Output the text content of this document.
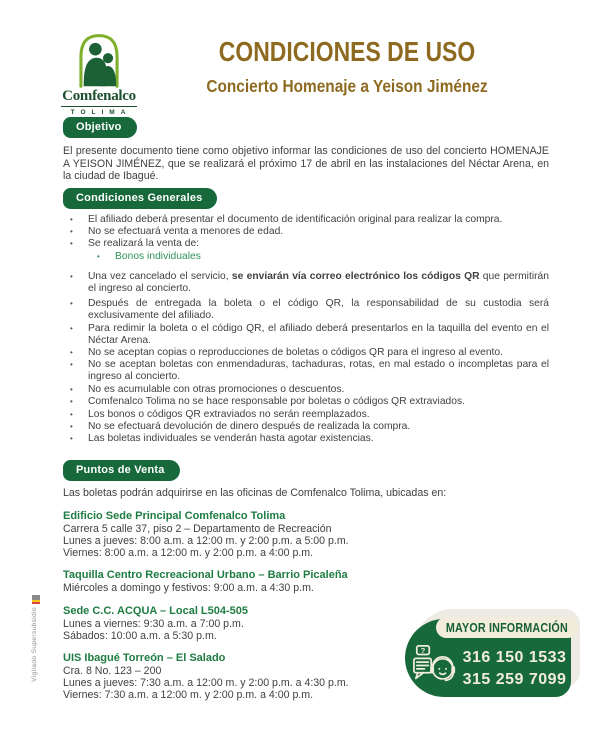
Comfenalco
TOLIMA
CONDICIONES DE USO
Concierto Homenaje a Yeison Jiménez
Objetivo
El presente documento tiene como objetivo informar las condiciones de uso del concierto HOMENAJE A YEISON JIMÉNEZ, que se realizará el próximo 17 de abril en las instalaciones del Néctar Arena, en la ciudad de Ibagué.
Condiciones Generales
•
El afiliado deberá presentar el documento de identificación original para realizar la compra.
•
No se efectuará venta a menores de edad.
•
Se realizará la venta de:
•
Bonos individuales
•
Una vez cancelado el servicio, se enviarán vía correo electrónico los códigos QR que permitirán el ingreso al concierto.
•
Después de entregada la boleta o el código QR, la responsabilidad de su custodia será exclusivamente del afiliado.
•
Para redimir la boleta o el código QR, el afiliado deberá presentarlos en la taquilla del evento en el Néctar Arena.
•
No se aceptan copias o reproducciones de boletas o códigos QR para el ingreso al evento.
•
No se aceptan boletas con enmendaduras, tachaduras, rotas, en mal estado o incompletas para el ingreso al concierto.
•
No es acumulable con otras promociones o descuentos.
•
Comfenalco Tolima no se hace responsable por boletas o códigos QR extraviados.
•
Los bonos o códigos QR extraviados no serán reemplazados.
•
No se efectuará devolución de dinero después de realizada la compra.
•
Las boletas individuales se venderán hasta agotar existencias.
Puntos de Venta
Las boletas podrán adquirirse en las oficinas de Comfenalco Tolima, ubicadas en:
Edificio Sede Principal Comfenalco Tolima
Carrera 5 calle 37, piso 2 – Departamento de Recreación
Lunes a jueves: 8:00 a.m. a 12:00 m. y 2:00 p.m. a 5:00 p.m.
Viernes: 8:00 a.m. a 12:00 m. y 2:00 p.m. a 4:00 p.m.
Taquilla Centro Recreacional Urbano – Barrio Picaleña
Miércoles a domingo y festivos: 9:00 a.m. a 4:30 p.m.
Sede C.C. ACQUA – Local L504-505
Lunes a viernes: 9:30 a.m. a 7:00 p.m.
Sábados: 10:00 a.m. a 5:30 p.m.
UIS Ibagué Torreón – El Salado
Cra. 8 No. 123 – 200
Lunes a jueves: 7:30 a.m. a 12:00 m. y 2:00 p.m. a 4:30 p.m.
Viernes: 7:30 a.m. a 12:00 m. y 2:00 p.m. a 4:00 p.m.
MAYOR INFORMACIÓN
? 316 150 1533
315 259 7099
Vigilado Supersubsidio
